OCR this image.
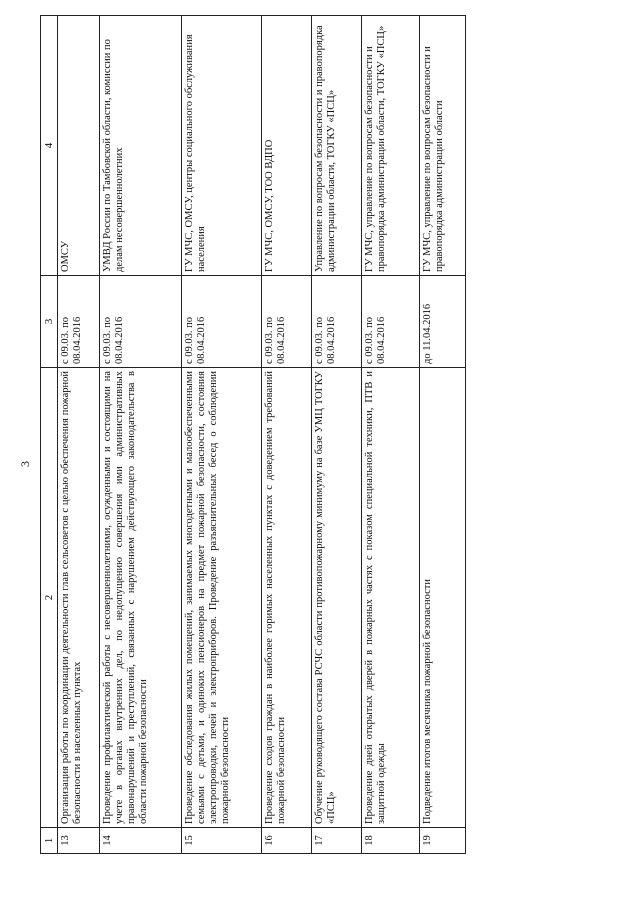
3
1	2	3	4
13	Организация работы по координации деятельности глав сельсоветов с целью обеспечения пожарной безопасности в населенных пунктах	с 09.03. по 08.04.2016	ОМСУ
14	Проведение профилактической работы с несовершеннолетними, осужденными и состоящими на учете в органах внутренних дел, по недопущению совершения ими административных правонарушений и преступлений, связанных с нарушением действующего законодательства в области пожарной безопасности	с 09.03. по 08.04.2016	УМВД России по Тамбовской области, комиссии по делам несовершеннолетних
15	Проведение обследования жилых помещений, занимаемых многодетными и малообеспеченными семьями с детьми, и одиноких пенсионеров на предмет пожарной безопасности, состояния электропроводки, печей и электроприборов. Проведение разъяснительных бесед о соблюдении пожарной безопасности	с 09.03. по 08.04.2016	ГУ МЧС, ОМСУ, центры социального обслуживания населения
16	Проведение сходов граждан в наиболее горимых населенных пунктах с доведением требований пожарной безопасности	с 09.03. по 08.04.2016	ГУ МЧС, ОМСУ, ТОО ВДПО
17	Обучение руководящего состава РСЧС области противопожарному минимуму на базе УМЦ ТОГКУ «ПСЦ»	с 09.03. по 08.04.2016	Управление по вопросам безопасности и правопорядка администрации области, ТОГКУ «ПСЦ»
18	Проведение дней открытых дверей в пожарных частях с показом специальной техники, ПТВ и защитной одежды	с 09.03. по 08.04.2016	ГУ МЧС, управление по вопросам безопасности и правопорядка администрации области, ТОГКУ «ПСЦ»
19	Подведение итогов месячника пожарной безопасности	до 11.04.2016	ГУ МЧС, управление по вопросам безопасности и правопорядка администрации области
